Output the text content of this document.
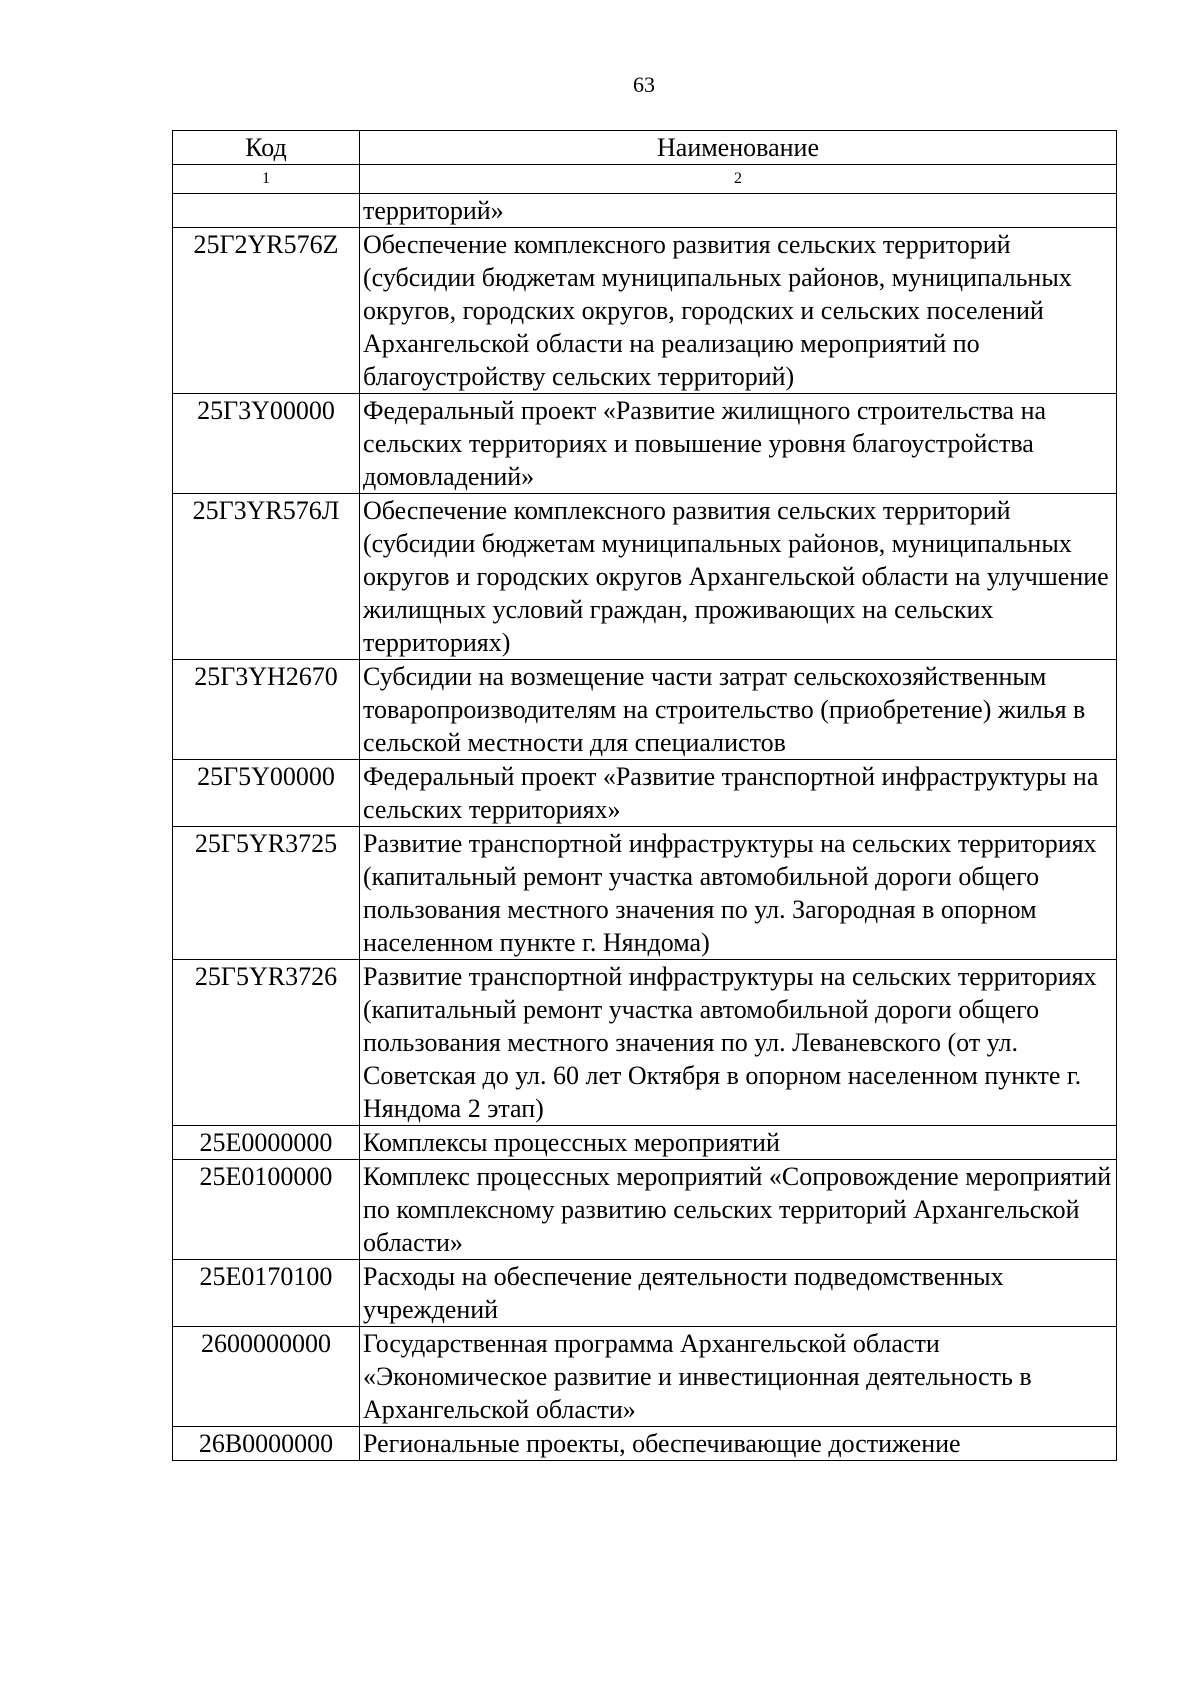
63
Код	Наименование
1	2
	территорий»
25Г2YR576Z	Обеспечение комплексного развития сельских территорий (субсидии бюджетам муниципальных районов, муниципальных округов, городских округов, городских и сельских поселений Архангельской области на реализацию мероприятий по благоустройству сельских территорий)
25Г3Y00000	Федеральный проект «Развитие жилищного строительства на сельских территориях и повышение уровня благоустройства домовладений»
25Г3YR576Л	Обеспечение комплексного развития сельских территорий (субсидии бюджетам муниципальных районов, муниципальных округов и городских округов Архангельской области на улучшение жилищных условий граждан, проживающих на сельских территориях)
25Г3YH2670	Субсидии на возмещение части затрат сельскохозяйственным товаропроизводителям на строительство (приобретение) жилья в сельской местности для специалистов
25Г5Y00000	Федеральный проект «Развитие транспортной инфраструктуры на сельских территориях»
25Г5YR3725	Развитие транспортной инфраструктуры на сельских территориях (капитальный ремонт участка автомобильной дороги общего пользования местного значения по ул. Загородная в опорном населенном пункте г. Няндома)
25Г5YR3726	Развитие транспортной инфраструктуры на сельских территориях (капитальный ремонт участка автомобильной дороги общего пользования местного значения по ул. Леваневского (от ул. Советская до ул. 60 лет Октября в опорном населенном пункте г. Няндома 2 этап)
25Е0000000	Комплексы процессных мероприятий
25Е0100000	Комплекс процессных мероприятий «Сопровождение мероприятий по комплексному развитию сельских территорий Архангельской области»
25Е0170100	Расходы на обеспечение деятельности подведомственных учреждений
2600000000	Государственная программа Архангельской области «Экономическое развитие и инвестиционная деятельность в Архангельской области»
26В0000000	Региональные проекты, обеспечивающие достижение
